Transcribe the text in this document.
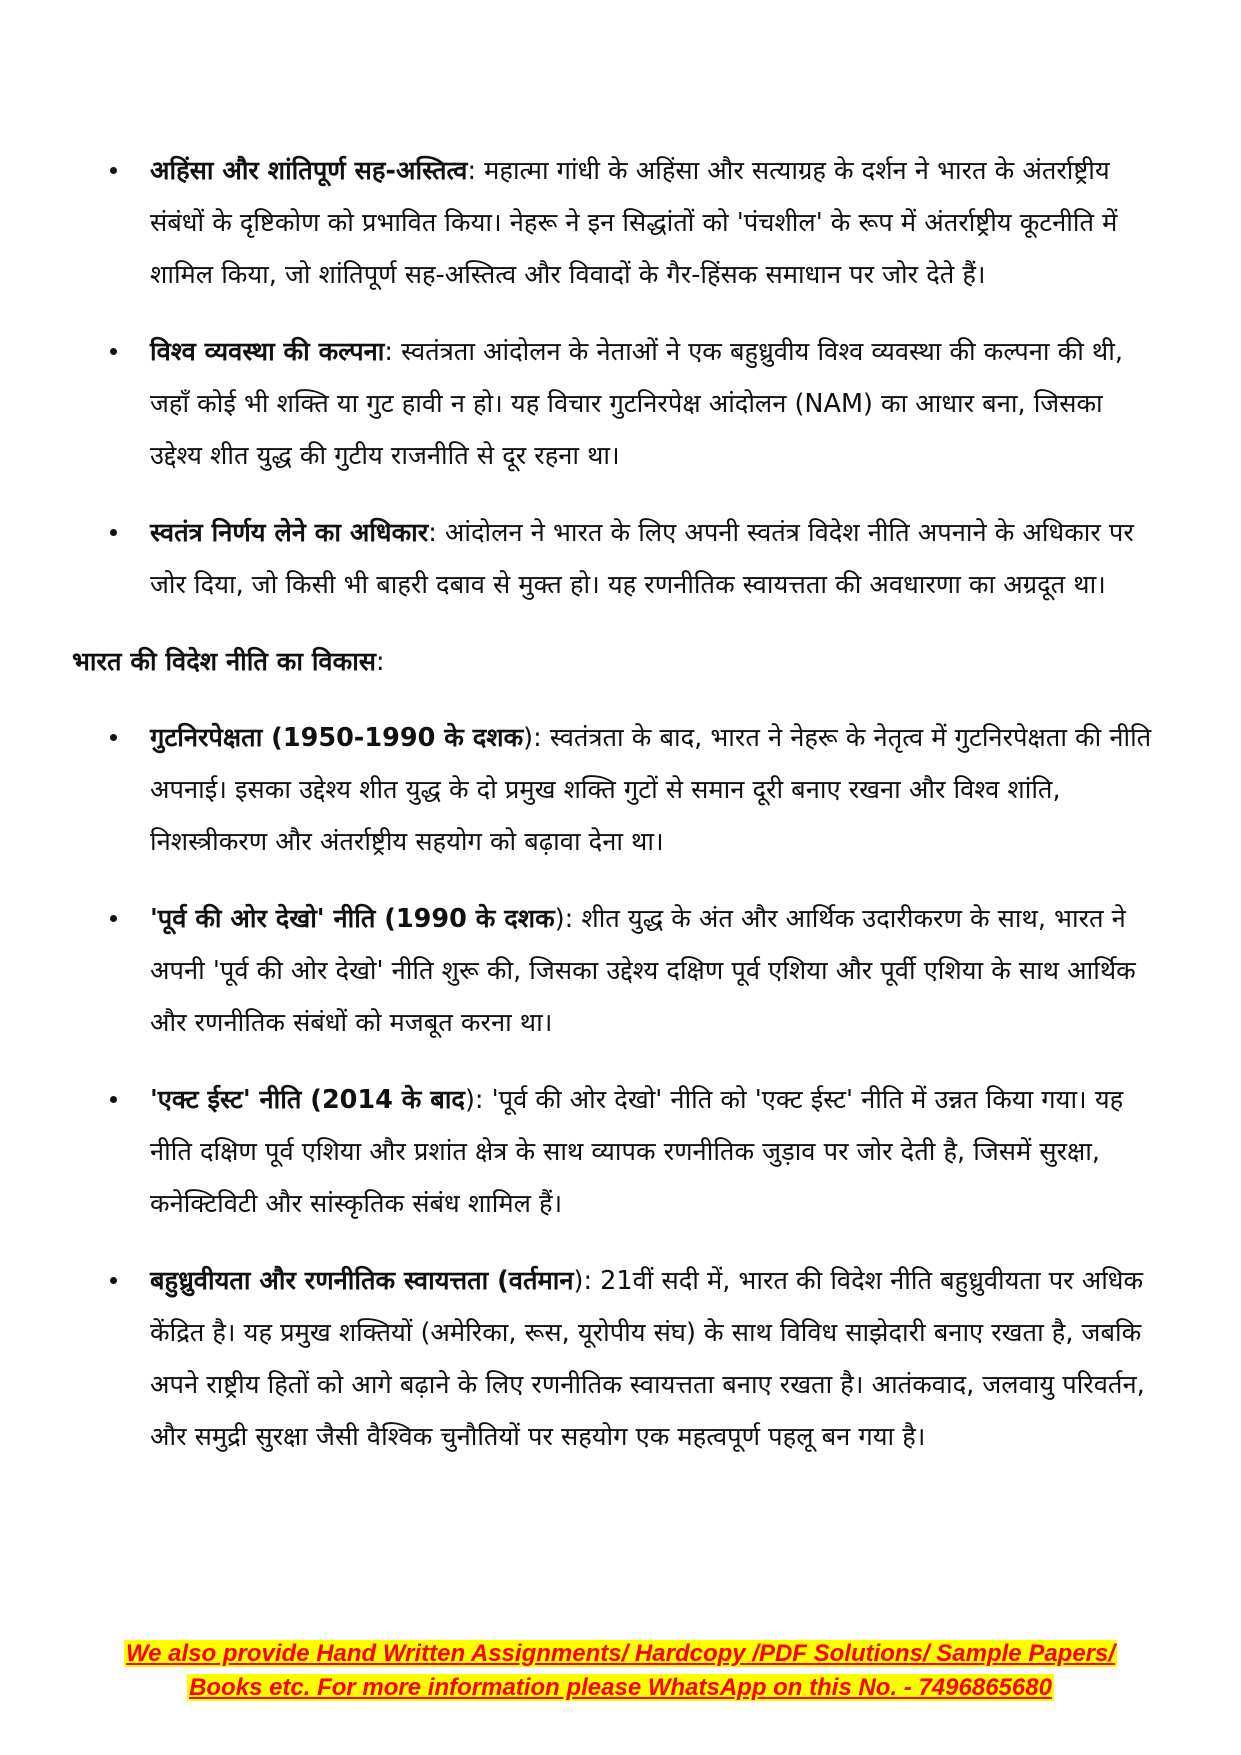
अहिंसा और शांतिपूर्ण सह-अस्तित्व: महात्मा गांधी के अहिंसा और सत्याग्रह के दर्शन ने भारत के अंतर्राष्ट्रीय संबंधों के दृष्टिकोण को प्रभावित किया। नेहरू ने इन सिद्धांतों को 'पंचशील' के रूप में अंतर्राष्ट्रीय कूटनीति में शामिल किया, जो शांतिपूर्ण सह-अस्तित्व और विवादों के गैर-हिंसक समाधान पर जोर देते हैं।
विश्व व्यवस्था की कल्पना: स्वतंत्रता आंदोलन के नेताओं ने एक बहुध्रुवीय विश्व व्यवस्था की कल्पना की थी, जहाँ कोई भी शक्ति या गुट हावी न हो। यह विचार गुटनिरपेक्ष आंदोलन (NAM) का आधार बना, जिसका उद्देश्य शीत युद्ध की गुटीय राजनीति से दूर रहना था।
स्वतंत्र निर्णय लेने का अधिकार: आंदोलन ने भारत के लिए अपनी स्वतंत्र विदेश नीति अपनाने के अधिकार पर जोर दिया, जो किसी भी बाहरी दबाव से मुक्त हो। यह रणनीतिक स्वायत्तता की अवधारणा का अग्रदूत था।

भारत की विदेश नीति का विकास:

गुटनिरपेक्षता (1950-1990 के दशक): स्वतंत्रता के बाद, भारत ने नेहरू के नेतृत्व में गुटनिरपेक्षता की नीति अपनाई। इसका उद्देश्य शीत युद्ध के दो प्रमुख शक्ति गुटों से समान दूरी बनाए रखना और विश्व शांति, निशस्त्रीकरण और अंतर्राष्ट्रीय सहयोग को बढ़ावा देना था।
'पूर्व की ओर देखो' नीति (1990 के दशक): शीत युद्ध के अंत और आर्थिक उदारीकरण के साथ, भारत ने अपनी 'पूर्व की ओर देखो' नीति शुरू की, जिसका उद्देश्य दक्षिण पूर्व एशिया और पूर्वी एशिया के साथ आर्थिक और रणनीतिक संबंधों को मजबूत करना था।
'एक्ट ईस्ट' नीति (2014 के बाद): 'पूर्व की ओर देखो' नीति को 'एक्ट ईस्ट' नीति में उन्नत किया गया। यह नीति दक्षिण पूर्व एशिया और प्रशांत क्षेत्र के साथ व्यापक रणनीतिक जुड़ाव पर जोर देती है, जिसमें सुरक्षा, कनेक्टिविटी और सांस्कृतिक संबंध शामिल हैं।
बहुध्रुवीयता और रणनीतिक स्वायत्तता (वर्तमान): 21वीं सदी में, भारत की विदेश नीति बहुध्रुवीयता पर अधिक केंद्रित है। यह प्रमुख शक्तियों (अमेरिका, रूस, यूरोपीय संघ) के साथ विविध साझेदारी बनाए रखता है, जबकि अपने राष्ट्रीय हितों को आगे बढ़ाने के लिए रणनीतिक स्वायत्तता बनाए रखता है। आतंकवाद, जलवायु परिवर्तन, और समुद्री सुरक्षा जैसी वैश्विक चुनौतियों पर सहयोग एक महत्वपूर्ण पहलू बन गया है।
We also provide Hand Written Assignments/ Hardcopy /PDF Solutions/ Sample Papers/
Books etc. For more information please WhatsApp on this No. - 7496865680
